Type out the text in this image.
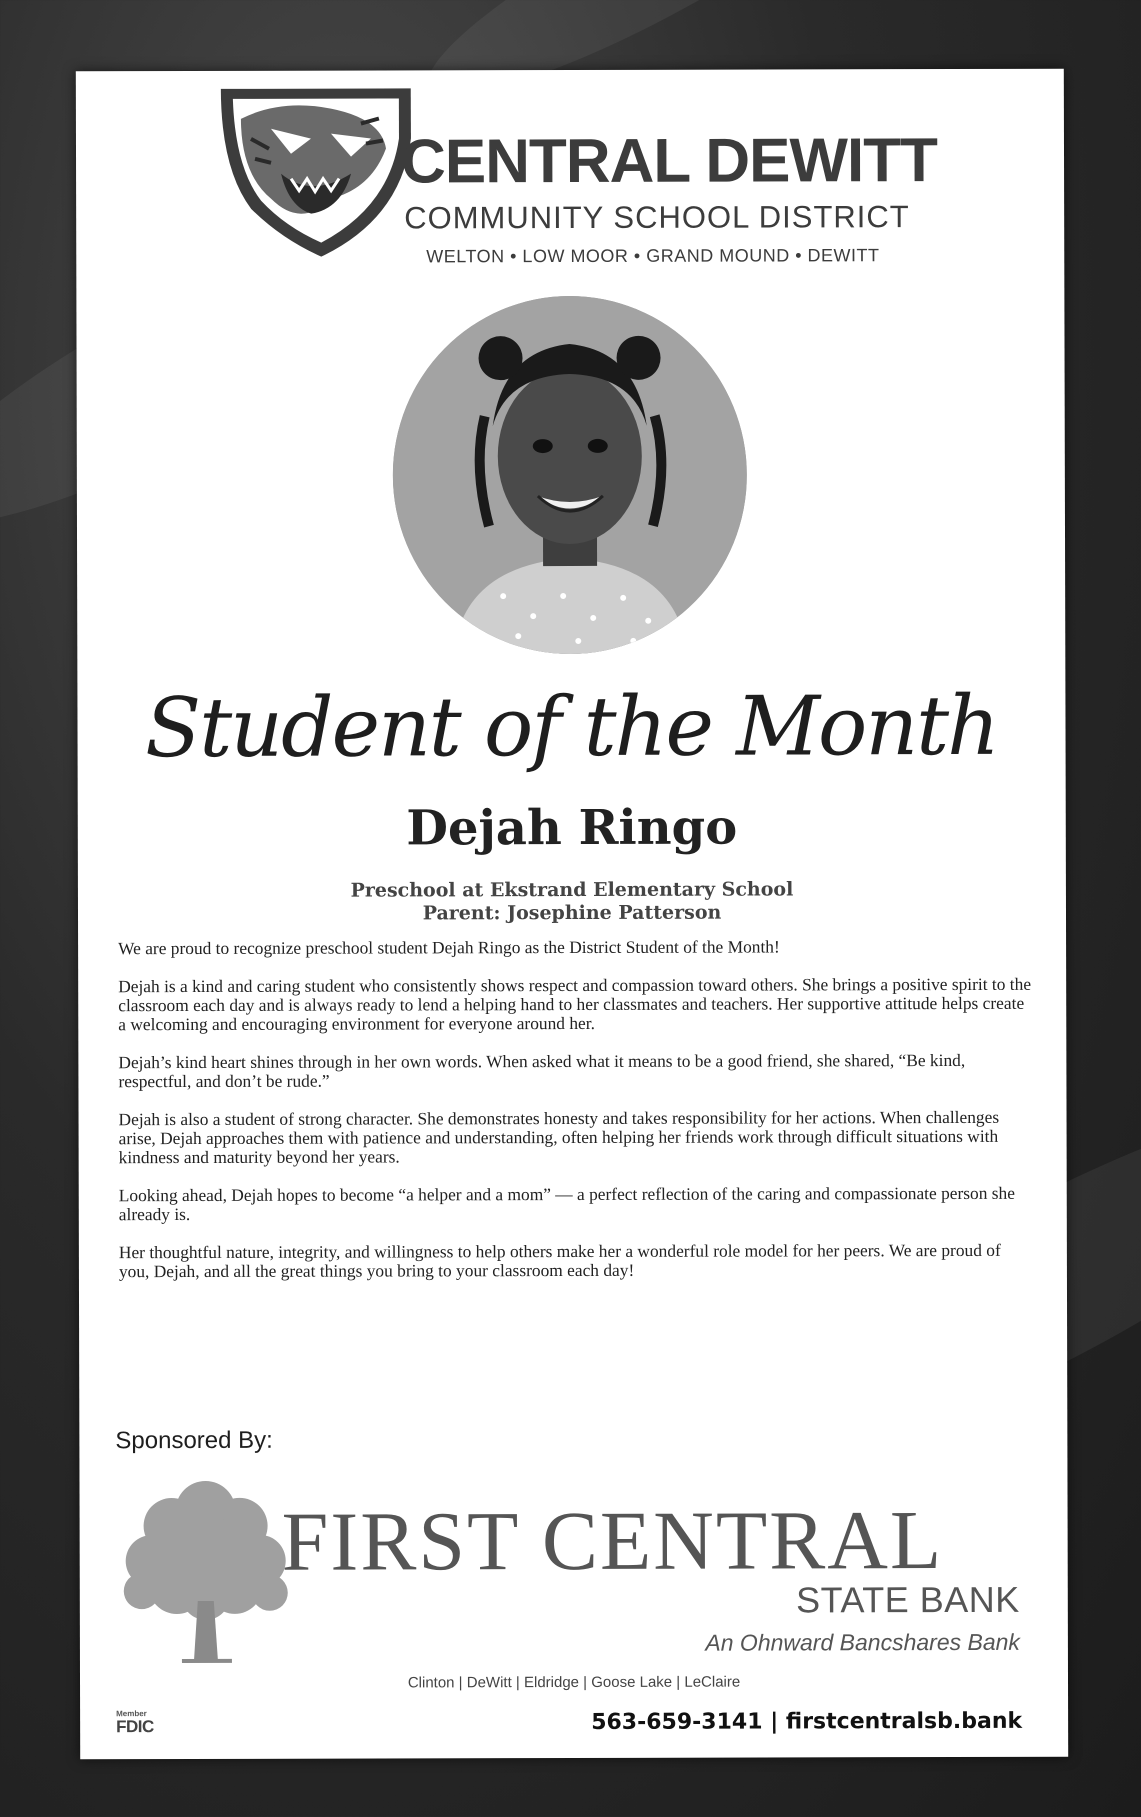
CENTRAL DEWITT
COMMUNITY SCHOOL DISTRICT
WELTON • LOW MOOR • GRAND MOUND • DEWITT
Student of the Month
Dejah Ringo
Preschool at Ekstrand Elementary School
Parent: Josephine Patterson

We are proud to recognize preschool student Dejah Ringo as the District Student of the Month!

Dejah is a kind and caring student who consistently shows respect and compassion toward others. She brings a positive spirit to the classroom each day and is always ready to lend a helping hand to her classmates and teachers. Her supportive attitude helps create a welcoming and encouraging environment for everyone around her.

Dejah’s kind heart shines through in her own words. When asked what it means to be a good friend, she shared, “Be kind, respectful, and don’t be rude.”

Dejah is also a student of strong character. She demonstrates honesty and takes responsibility for her actions. When challenges arise, Dejah approaches them with patience and understanding, often helping her friends work through difficult situations with kindness and maturity beyond her years.

Looking ahead, Dejah hopes to become “a helper and a mom” — a perfect reflection of the caring and compassionate person she already is.

Her thoughtful nature, integrity, and willingness to help others make her a wonderful role model for her peers. We are proud of you, Dejah, and all the great things you bring to your classroom each day!

Sponsored By:
FIRST CENTRAL
STATE BANK
An Ohnward Bancshares Bank
Clinton | DeWitt | Eldridge | Goose Lake | LeClaire
Member
FDIC	563-659-3141 | firstcentralsb.bank
